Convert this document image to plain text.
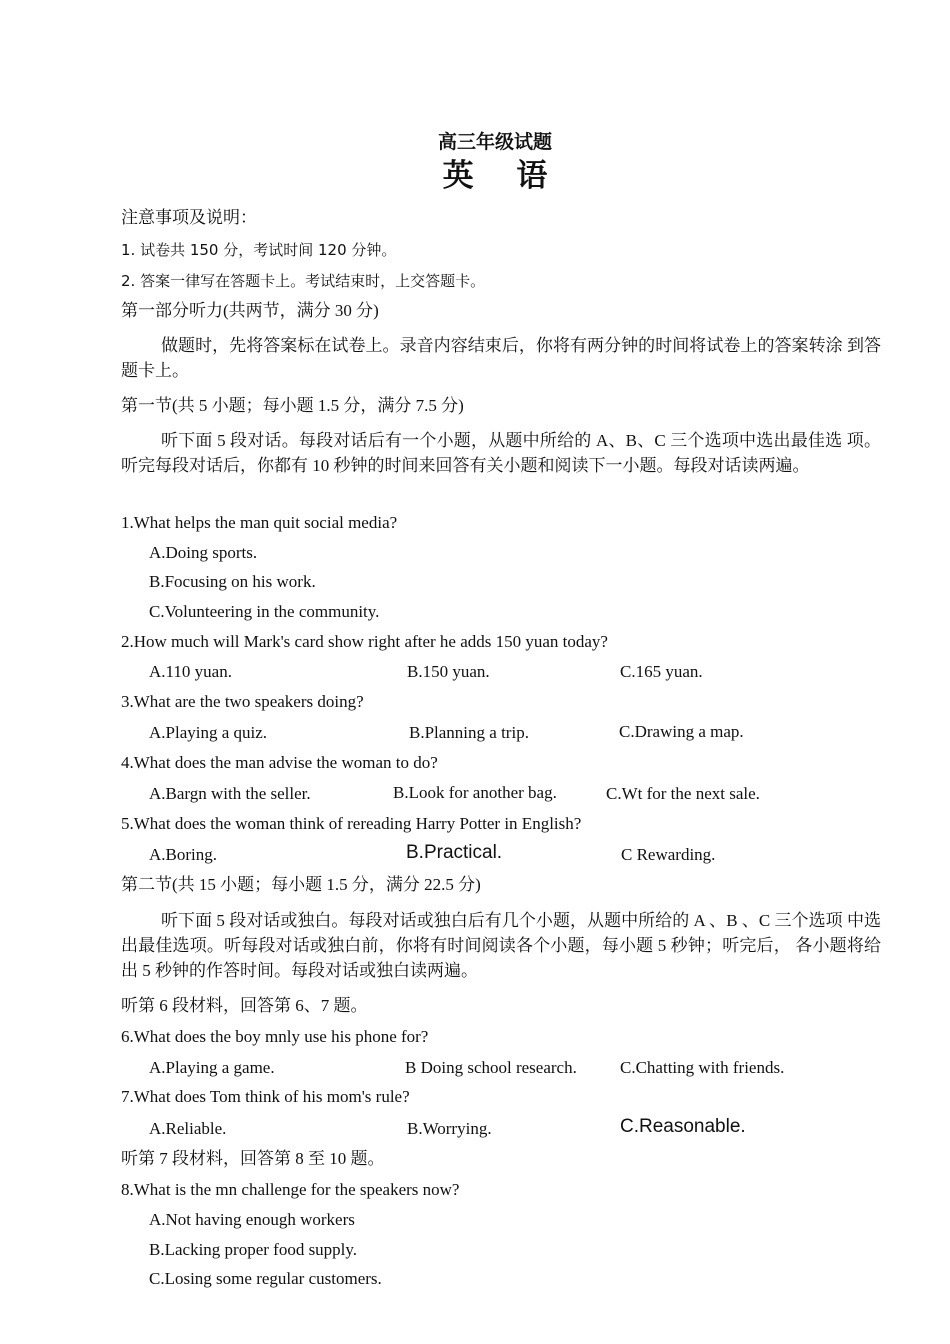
高三年级试题
英 语
注意事项及说明：
1. 试卷共 150 分，考试时间 120 分钟。
2. 答案一律写在答题卡上。考试结束时，上交答题卡。
第一部分听力(共两节，满分 30 分)
做题时，先将答案标在试卷上。录音内容结束后，你将有两分钟的时间将试卷上的答案转涂 到答题卡上。
第一节(共 5 小题；每小题 1.5 分，满分 7.5 分)
听下面 5 段对话。每段对话后有一个小题，从题中所给的 A、B、C 三个选项中选出最佳选 项。听完每段对话后，你都有 10 秒钟的时间来回答有关小题和阅读下一小题。每段对话读两遍。
1.What helps the man quit social media?
A.Doing sports.
B.Focusing on his work.
C.Volunteering in the community.
2.How much will Mark's card show right after he adds 150 yuan today?
A.110 yuan.	B.150 yuan.	C.165 yuan.
3.What are the two speakers doing?
A.Playing a quiz.	B.Planning a trip.	C.Drawing a map.
4.What does the man advise the woman to do?
A.Bargn with the seller.	B.Look for another bag.	C.Wt for the next sale.
5.What does the woman think of rereading Harry Potter in English?
A.Boring.	B.Practical.	C Rewarding.
第二节(共 15 小题；每小题 1.5 分，满分 22.5 分)
听下面 5 段对话或独白。每段对话或独白后有几个小题，从题中所给的 A 、B 、C 三个选项 中选出最佳选项。听每段对话或独白前，你将有时间阅读各个小题，每小题 5 秒钟；听完后， 各小题将给出 5 秒钟的作答时间。每段对话或独白读两遍。
听第 6 段材料，回答第 6、7 题。
6.What does the boy mnly use his phone for?
A.Playing a game.	B Doing school research.	C.Chatting with friends.
7.What does Tom think of his mom's rule?
A.Reliable.	B.Worrying.	C.Reasonable.
听第 7 段材料，回答第 8 至 10 题。
8.What is the mn challenge for the speakers now?
A.Not having enough workers
B.Lacking proper food supply.
C.Losing some regular customers.
